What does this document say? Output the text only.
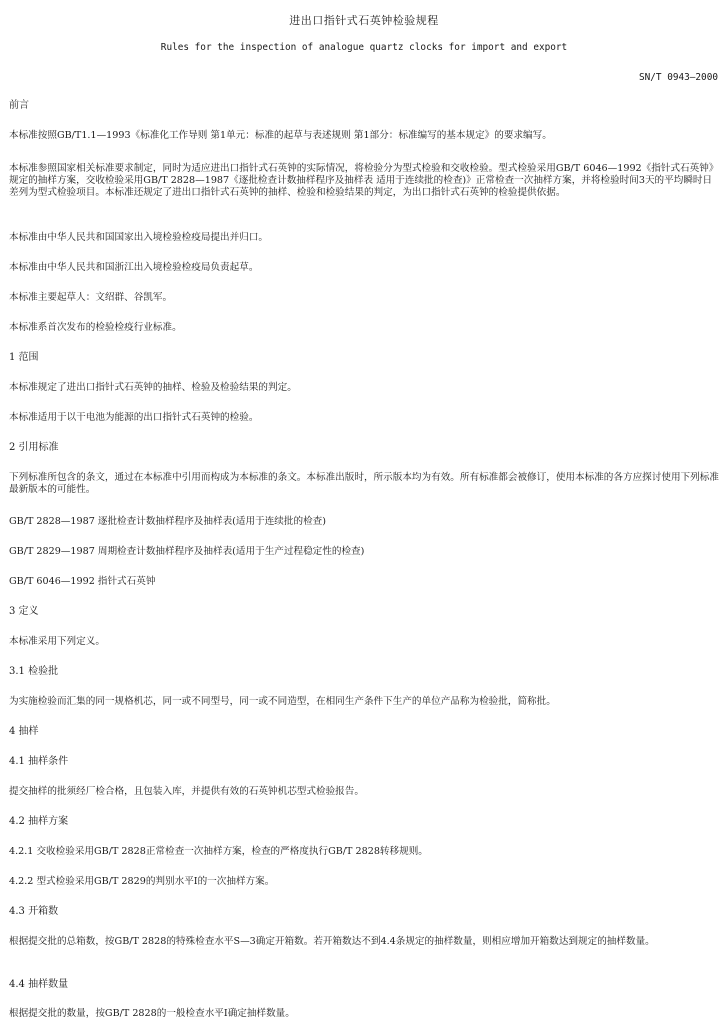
进出口指针式石英钟检验规程
Rules for the inspection of analogue quartz clocks for import and export
SN/T 0943—2000
前言
本标准按照GB/T1.1—1993《标准化工作导则 第1单元：标准的起草与表述规则 第1部分：标准编写的基本规定》的要求编写。
本标准参照国家相关标准要求制定，同时为适应进出口指针式石英钟的实际情况，将检验分为型式检验和交收检验。型式检验采用GB/T 6046—1992《指针式石英钟》规定的抽样方案，交收检验采用GB/T 2828—1987《逐批检查计数抽样程序及抽样表 适用于连续批的检查)》正常检查一次抽样方案，并将检验时间3天的平均瞬时日差列为型式检验项目。本标准还规定了进出口指针式石英钟的抽样、检验和检验结果的判定，为出口指针式石英钟的检验提供依据。
本标准由中华人民共和国国家出入境检验检疫局提出并归口。
本标准由中华人民共和国浙江出入境检验检疫局负责起草。
本标准主要起草人：文绍群、谷凯军。
本标准系首次发布的检验检疫行业标准。
1 范围
本标准规定了进出口指针式石英钟的抽样、检验及检验结果的判定。
本标准适用于以干电池为能源的出口指针式石英钟的检验。
2 引用标准
下列标准所包含的条文，通过在本标准中引用而构成为本标准的条文。本标准出版时，所示版本均为有效。所有标准都会被修订，使用本标准的各方应探讨使用下列标准最新版本的可能性。
GB/T 2828—1987 逐批检查计数抽样程序及抽样表(适用于连续批的检查)
GB/T 2829—1987 周期检查计数抽样程序及抽样表(适用于生产过程稳定性的检查)
GB/T 6046—1992 指针式石英钟
3 定义
本标准采用下列定义。
3.1 检验批
为实施检验而汇集的同一规格机芯，同一或不同型号，同一或不同造型，在相同生产条件下生产的单位产品称为检验批，简称批。
4 抽样
4.1 抽样条件
提交抽样的批须经厂检合格，且包装入库，并提供有效的石英钟机芯型式检验报告。
4.2 抽样方案
4.2.1 交收检验采用GB/T 2828正常检查一次抽样方案，检查的严格度执行GB/T 2828转移规则。
4.2.2 型式检验采用GB/T 2829的判别水平Ⅰ的一次抽样方案。
4.3 开箱数
根据提交批的总箱数，按GB/T 2828的特殊检查水平S—3确定开箱数。若开箱数达不到4.4条规定的抽样数量，则相应增加开箱数达到规定的抽样数量。
4.4 抽样数量
根据提交批的数量，按GB/T 2828的一般检查水平Ⅰ确定抽样数量。
